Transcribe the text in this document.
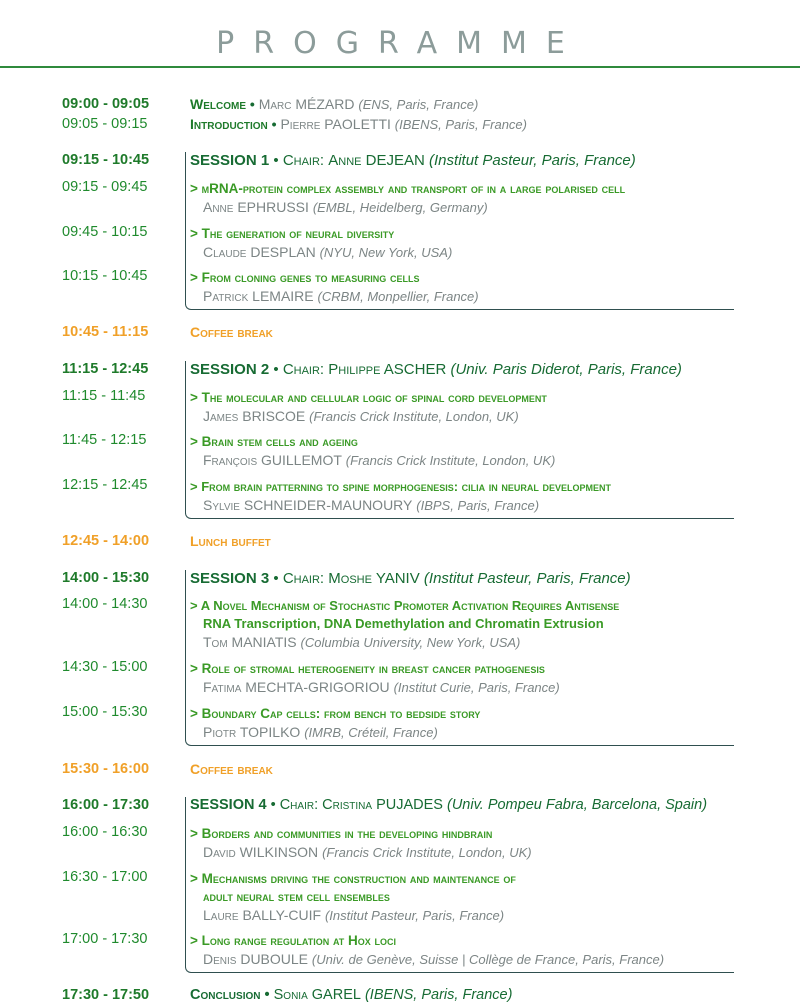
PROGRAMME
09:00 - 09:05	Welcome • Marc MÉZARD (ENS, Paris, France)
09:05 - 09:15	Introduction • Pierre PAOLETTI (IBENS, Paris, France)
09:15 - 10:45	SESSION 1 • Chair: Anne DEJEAN (Institut Pasteur, Paris, France)
09:15 - 09:45	> mRNA-protein complex assembly and transport of in a large polarised cell
Anne EPHRUSSI (EMBL, Heidelberg, Germany)
09:45 - 10:15	> The generation of neural diversity
Claude DESPLAN (NYU, New York, USA)
10:15 - 10:45	> From cloning genes to measuring cells
Patrick LEMAIRE (CRBM, Monpellier, France)
10:45 - 11:15	Coffee break
11:15 - 12:45	SESSION 2 • Chair: Philippe ASCHER (Univ. Paris Diderot, Paris, France)
11:15 - 11:45	> The molecular and cellular logic of spinal cord development
James BRISCOE (Francis Crick Institute, London, UK)
11:45 - 12:15	> Brain stem cells and ageing
François GUILLEMOT (Francis Crick Institute, London, UK)
12:15 - 12:45	> From brain patterning to spine morphogenesis: cilia in neural development
Sylvie SCHNEIDER-MAUNOURY (IBPS, Paris, France)
12:45 - 14:00	Lunch buffet
14:00 - 15:30	SESSION 3 • Chair: Moshe YANIV (Institut Pasteur, Paris, France)
14:00 - 14:30	> A Novel Mechanism of Stochastic Promoter Activation Requires Antisense
RNA Transcription, DNA Demethylation and Chromatin Extrusion
Tom MANIATIS (Columbia University, New York, USA)
14:30 - 15:00	> Role of stromal heterogeneity in breast cancer pathogenesis
Fatima MECHTA-GRIGORIOU (Institut Curie, Paris, France)
15:00 - 15:30	> Boundary Cap cells: from bench to bedside story
Piotr TOPILKO (IMRB, Créteil, France)
15:30 - 16:00	Coffee break
16:00 - 17:30	SESSION 4 • Chair: Cristina PUJADES (Univ. Pompeu Fabra, Barcelona, Spain)
16:00 - 16:30	> Borders and communities in the developing hindbrain
David WILKINSON (Francis Crick Institute, London, UK)
16:30 - 17:00	> Mechanisms driving the construction and maintenance of
adult neural stem cell ensembles
Laure BALLY-CUIF (Institut Pasteur, Paris, France)
17:00 - 17:30	> Long range regulation at Hox loci
Denis DUBOULE (Univ. de Genève, Suisse | Collège de France, Paris, France)
17:30 - 17:50	Conclusion • Sonia GAREL (IBENS, Paris, France)
